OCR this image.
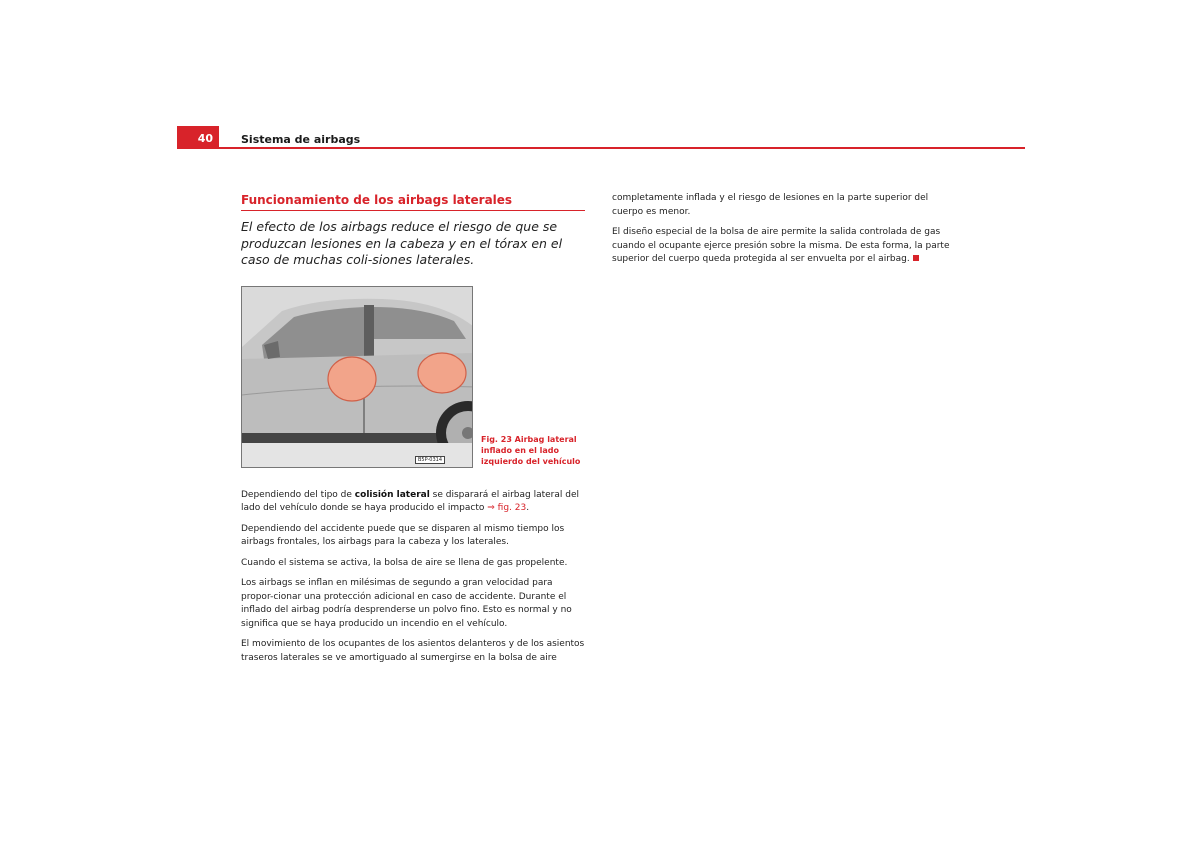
40	Sistema de airbags
Funcionamiento de los airbags laterales
El efecto de los airbags reduce el riesgo de que se produzcan lesiones en la cabeza y en el tórax en el caso de muchas coli-siones laterales.
B5P-0314
Fig. 23 Airbag lateral inflado en el lado izquierdo del vehículo

Dependiendo del tipo de colisión lateral se disparará el airbag lateral del lado del vehículo donde se haya producido el impacto ⇒ fig. 23.

Dependiendo del accidente puede que se disparen al mismo tiempo los airbags frontales, los airbags para la cabeza y los laterales.

Cuando el sistema se activa, la bolsa de aire se llena de gas propelente.

Los airbags se inflan en milésimas de segundo a gran velocidad para propor-cionar una protección adicional en caso de accidente. Durante el inflado del airbag podría desprenderse un polvo fino. Esto es normal y no significa que se haya producido un incendio en el vehículo.

El movimiento de los ocupantes de los asientos delanteros y de los asientos traseros laterales se ve amortiguado al sumergirse en la bolsa de aire

completamente inflada y el riesgo de lesiones en la parte superior del cuerpo es menor.

El diseño especial de la bolsa de aire permite la salida controlada de gas cuando el ocupante ejerce presión sobre la misma. De esta forma, la parte superior del cuerpo queda protegida al ser envuelta por el airbag.
